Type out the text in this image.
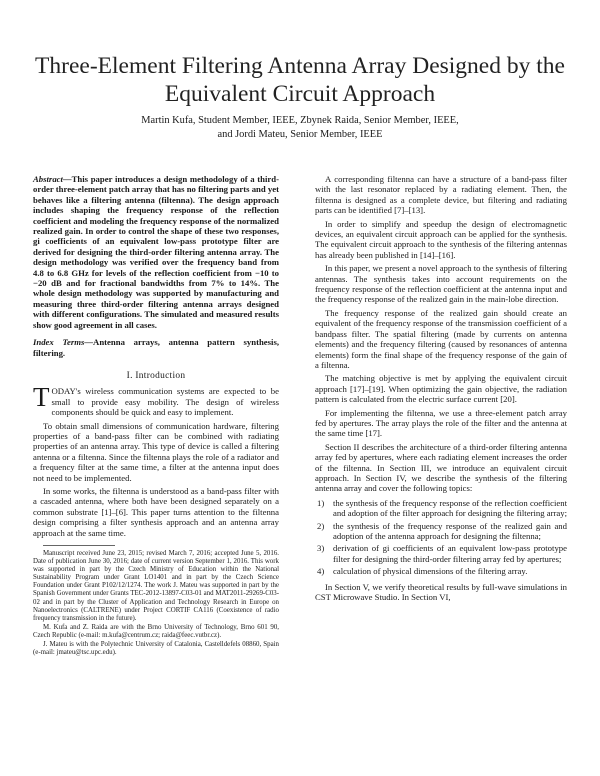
Three-Element Filtering Antenna Array Designed by the Equivalent Circuit Approach
Martin Kufa, Student Member, IEEE, Zbynek Raida, Senior Member, IEEE,
and Jordi Mateu, Senior Member, IEEE

Abstract—This paper introduces a design methodology of a third-order three-element patch array that has no filtering parts and yet behaves like a filtering antenna (filtenna). The design approach includes shaping the frequency response of the reflection coefficient and modeling the frequency response of the normalized realized gain. In order to control the shape of these two responses, gi coefficients of an equivalent low-pass prototype filter are derived for designing the third-order filtering antenna array. The design methodology was verified over the frequency band from 4.8 to 6.8 GHz for levels of the reflection coefficient from −10 to −20 dB and for fractional bandwidths from 7% to 14%. The whole design methodology was supported by manufacturing and measuring three third-order filtering antenna arrays designed with different configurations. The simulated and measured results show good agreement in all cases.

Index Terms—Antenna arrays, antenna pattern synthesis, filtering.

I. Introduction

TODAY's wireless communication systems are expected to be small to provide easy mobility. The design of wireless components should be quick and easy to implement.

To obtain small dimensions of communication hardware, filtering properties of a band-pass filter can be combined with radiating properties of an antenna array. This type of device is called a filtering antenna or a filtenna. Since the filtenna plays the role of a radiator and a frequency filter at the same time, a filter at the antenna input does not need to be implemented.

In some works, the filtenna is understood as a band-pass filter with a cascaded antenna, where both have been designed separately on a common substrate [1]–[6]. This paper turns attention to the filtenna design comprising a filter synthesis approach and an antenna array approach at the same time.

Manuscript received June 23, 2015; revised March 7, 2016; accepted June 5, 2016. Date of publication June 30, 2016; date of current version September 1, 2016. This work was supported in part by the Czech Ministry of Education within the National Sustainability Program under Grant LO1401 and in part by the Czech Science Foundation under Grant P102/12/1274. The work J. Mateu was supported in part by the Spanish Government under Grants TEC-2012-13897-C03-01 and MAT2011-29269-C03-02 and in part by the Cluster of Application and Technology Research in Europe on Nanoelectronics (CALTRENE) under Project CORTIF CA116 (Coexistence of radio frequency transmission in the future).

M. Kufa and Z. Raida are with the Brno University of Technology, Brno 601 90, Czech Republic (e-mail: m.kufa@centrum.cz; raida@feec.vutbr.cz).

J. Mateu is with the Polytechnic University of Catalonia, Castelldefels 08860, Spain (e-mail: jmateu@tsc.upc.edu).

A corresponding filtenna can have a structure of a band-pass filter with the last resonator replaced by a radiating element. Then, the filtenna is designed as a complete device, but filtering and radiating parts can be identified [7]–[13].

In order to simplify and speedup the design of electromagnetic devices, an equivalent circuit approach can be applied for the synthesis. The equivalent circuit approach to the synthesis of the filtering antennas has already been published in [14]–[16].

In this paper, we present a novel approach to the synthesis of filtering antennas. The synthesis takes into account requirements on the frequency response of the reflection coefficient at the antenna input and the frequency response of the realized gain in the main-lobe direction.

The frequency response of the realized gain should create an equivalent of the frequency response of the transmission coefficient of a bandpass filter. The spatial filtering (made by currents on antenna elements) and the frequency filtering (caused by resonances of antenna elements) form the final shape of the frequency response of the gain of a filtenna.

The matching objective is met by applying the equivalent circuit approach [17]–[19]. When optimizing the gain objective, the radiation pattern is calculated from the electric surface current [20].

For implementing the filtenna, we use a three-element patch array fed by apertures. The array plays the role of the filter and the antenna at the same time [17].

Section II describes the architecture of a third-order filtering antenna array fed by apertures, where each radiating element increases the order of the filtenna. In Section III, we introduce an equivalent circuit approach. In Section IV, we describe the synthesis of the filtering antenna array and cover the following topics:

1) the synthesis of the frequency response of the reflection coefficient and adoption of the filter approach for designing the filtering array;
2) the synthesis of the frequency response of the realized gain and adoption of the antenna approach for designing the filtenna;
3) derivation of gi coefficients of an equivalent low-pass prototype filter for designing the third-order filtering array fed by apertures;
4) calculation of physical dimensions of the filtering array.

In Section V, we verify theoretical results by full-wave simulations in CST Microwave Studio. In Section VI,
